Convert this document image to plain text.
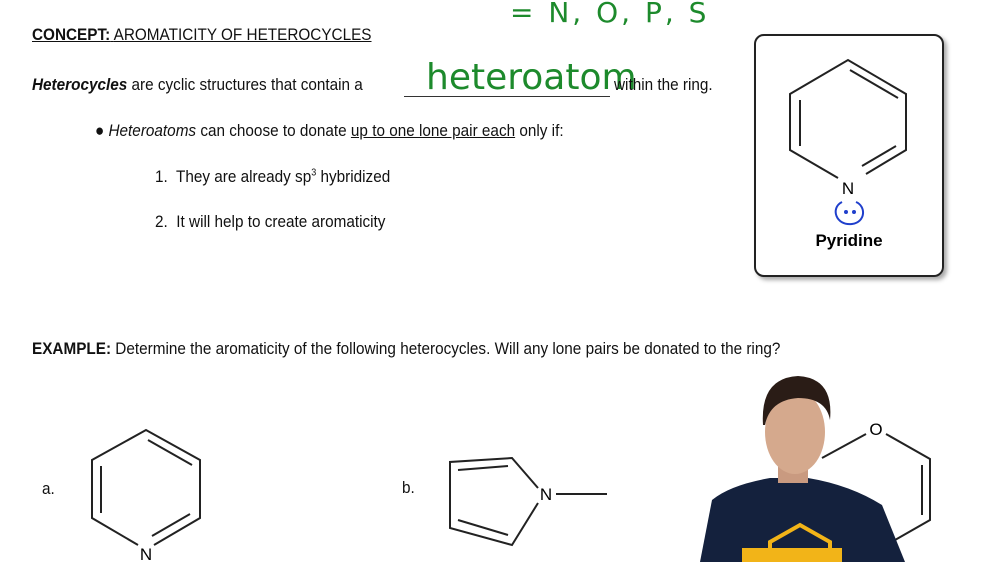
CONCEPT: AROMATICITY OF HETEROCYCLES
= N, O, P, S
Heterocycles are cyclic structures that contain a heteroatom
within the ring.
● Heteroatoms can choose to donate up to one lone pair each only if:
1. They are already $sp^3$ hybridized
2. It will help to create aromaticity
EXAMPLE: Determine the aromaticity of the following heterocycles. Will any lone pairs be donated to the ring?
a.	b.
N
Pyridine
N
N
O
